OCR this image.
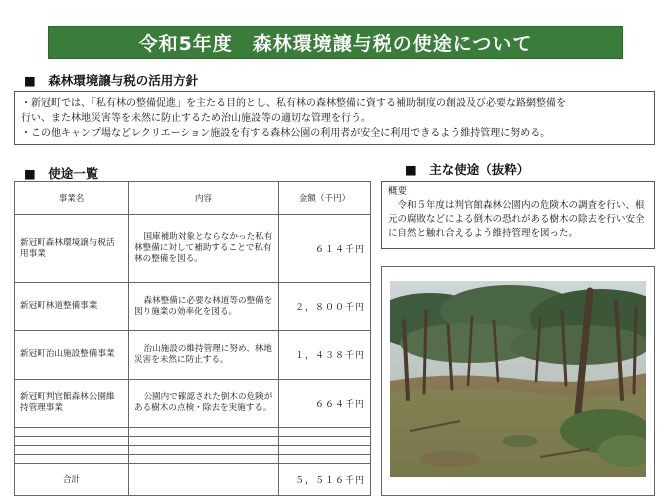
令和5年度　森林環境譲与税の使途について
■　森林環境譲与税の活用方針

・新冠町では、「私有林の整備促進」を主たる目的とし、私有林の森林整備に資する補助制度の創設及び必要な路網整備を

行い、また林地災害等を未然に防止するため治山施設等の適切な管理を行う。

・この他キャンプ場などレクリエーション施設を有する森林公園の利用者が安全に利用できるよう維持管理に努める。

■　使途一覧
事業名	内容	金額（千円）
新冠町森林環境譲与税活用事業	国庫補助対象とならなかった私有林整備に対して補助することで私有林の整備を図る。	６１４千円
新冠町林道整備事業	森林整備に必要な林道等の整備を図り施業の効率化を図る。	２，８００千円
新冠町治山施設整備事業	治山施設の維持管理に努め、林地災害を未然に防止する。	１，４３８千円
新冠町判官館森林公園維持管理事業	公園内で確認された倒木の危険がある樹木の点検・除去を実施する。	６６４千円

合計		５，５１６千円
■　主な使途（抜粋）

概要

令和５年度は判官館森林公園内の危険木の調査を行い、根元の腐敗などによる倒木の恐れがある樹木の除去を行い安全に自然と触れ合えるよう維持管理を図った。
